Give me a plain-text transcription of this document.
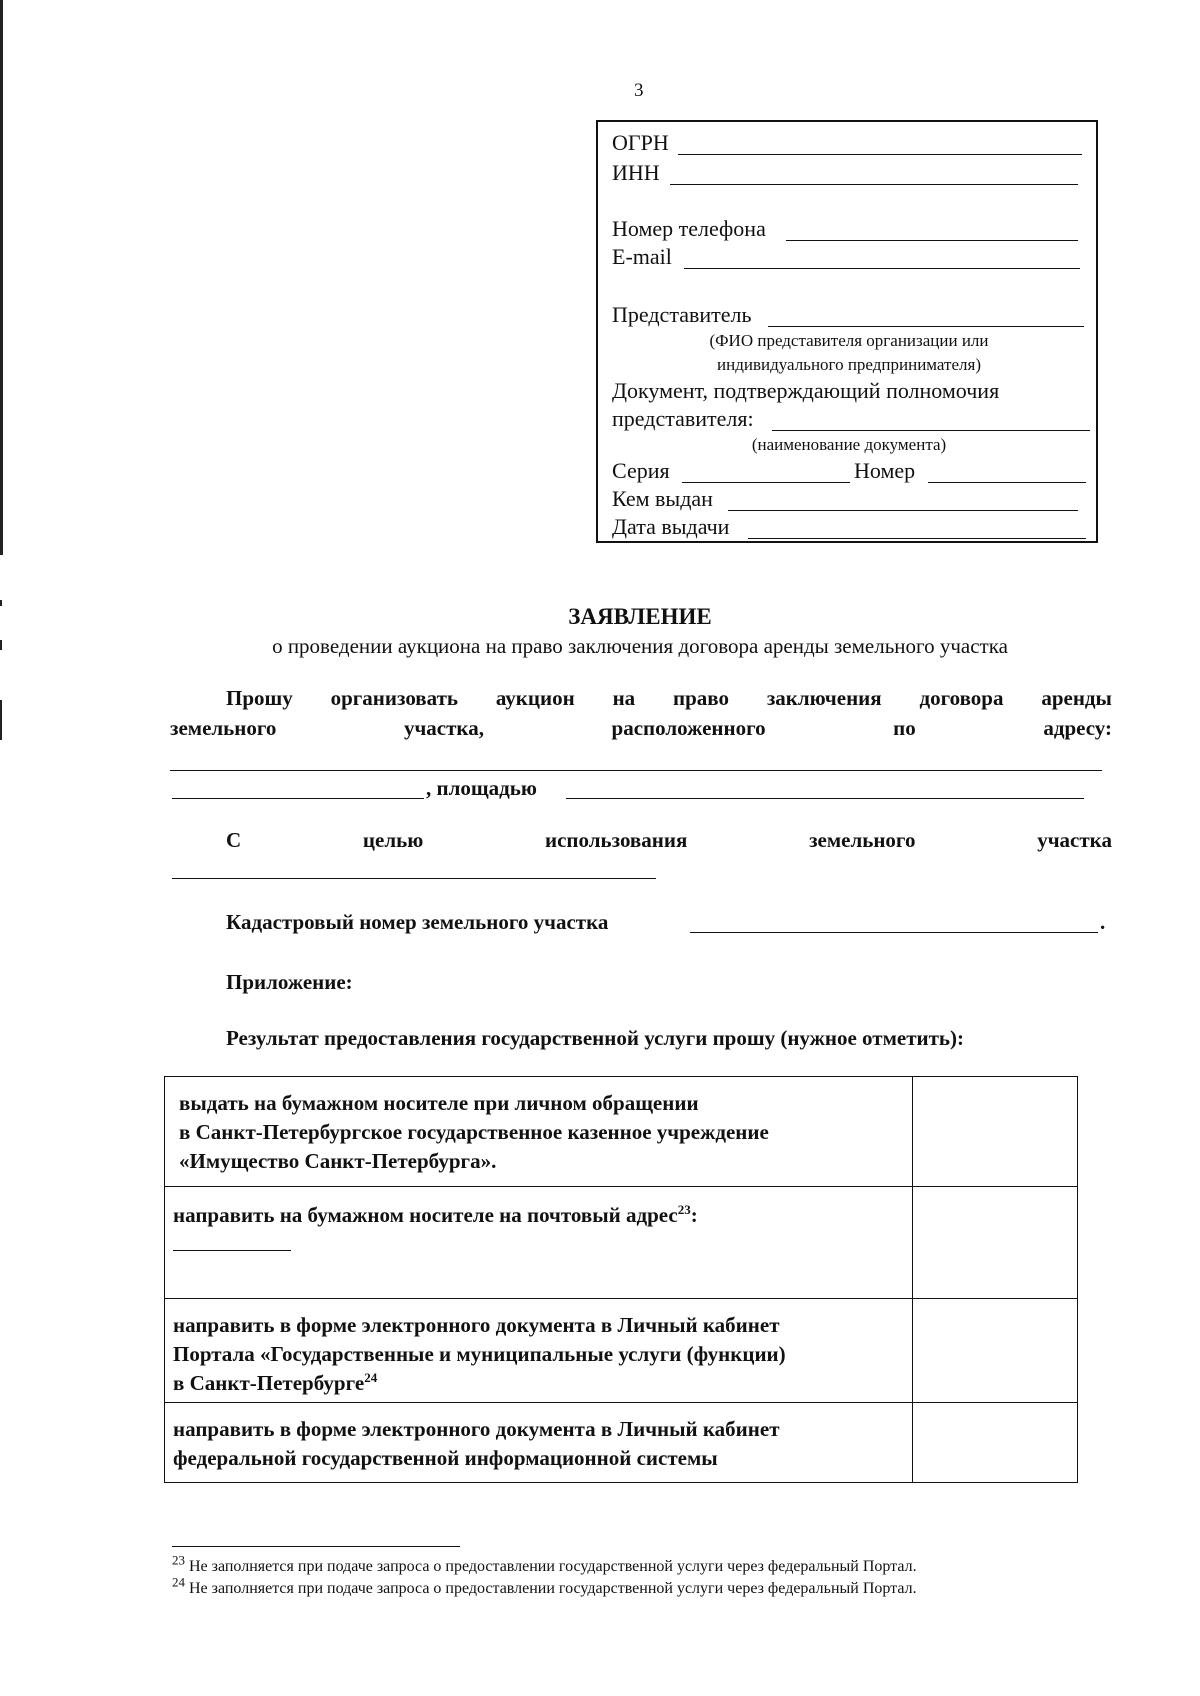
3
ОГРН
ИНН
Номер телефона
E-mail
Представитель
(ФИО представителя организации или
индивидуального предпринимателя)
Документ, подтверждающий полномочия
представителя:
(наименование документа)
Серия	Номер
Кем выдан
Дата выдачи
ЗАЯВЛЕНИЕ
о проведении аукциона на право заключения договора аренды земельного участка
Прошу организовать аукцион на право заключения договора аренды
земельного	участка,	расположенного	по	адресу:
, площадью
С	целью	использования	земельного	участка
Кадастровый номер земельного участка	.
Приложение:
Результат предоставления государственной услуги прошу (нужное отметить):
выдать на бумажном носителе при личном обращении
в Санкт-Петербургское государственное казенное учреждение
«Имущество Санкт-Петербурга».	

направить на бумажном носителе на почтовый адрес$^{23}$:	

направить в форме электронного документа в Личный кабинет
Портала «Государственные и муниципальные услуги (функции)
в Санкт-Петербурге$^{24}$

направить в форме электронного документа в Личный кабинет
федеральной государственной информационной системы	

$^{23}$ Не заполняется при подаче запроса о предоставлении государственной услуги через федеральный Портал.
$^{24}$ Не заполняется при подаче запроса о предоставлении государственной услуги через федеральный Портал.
